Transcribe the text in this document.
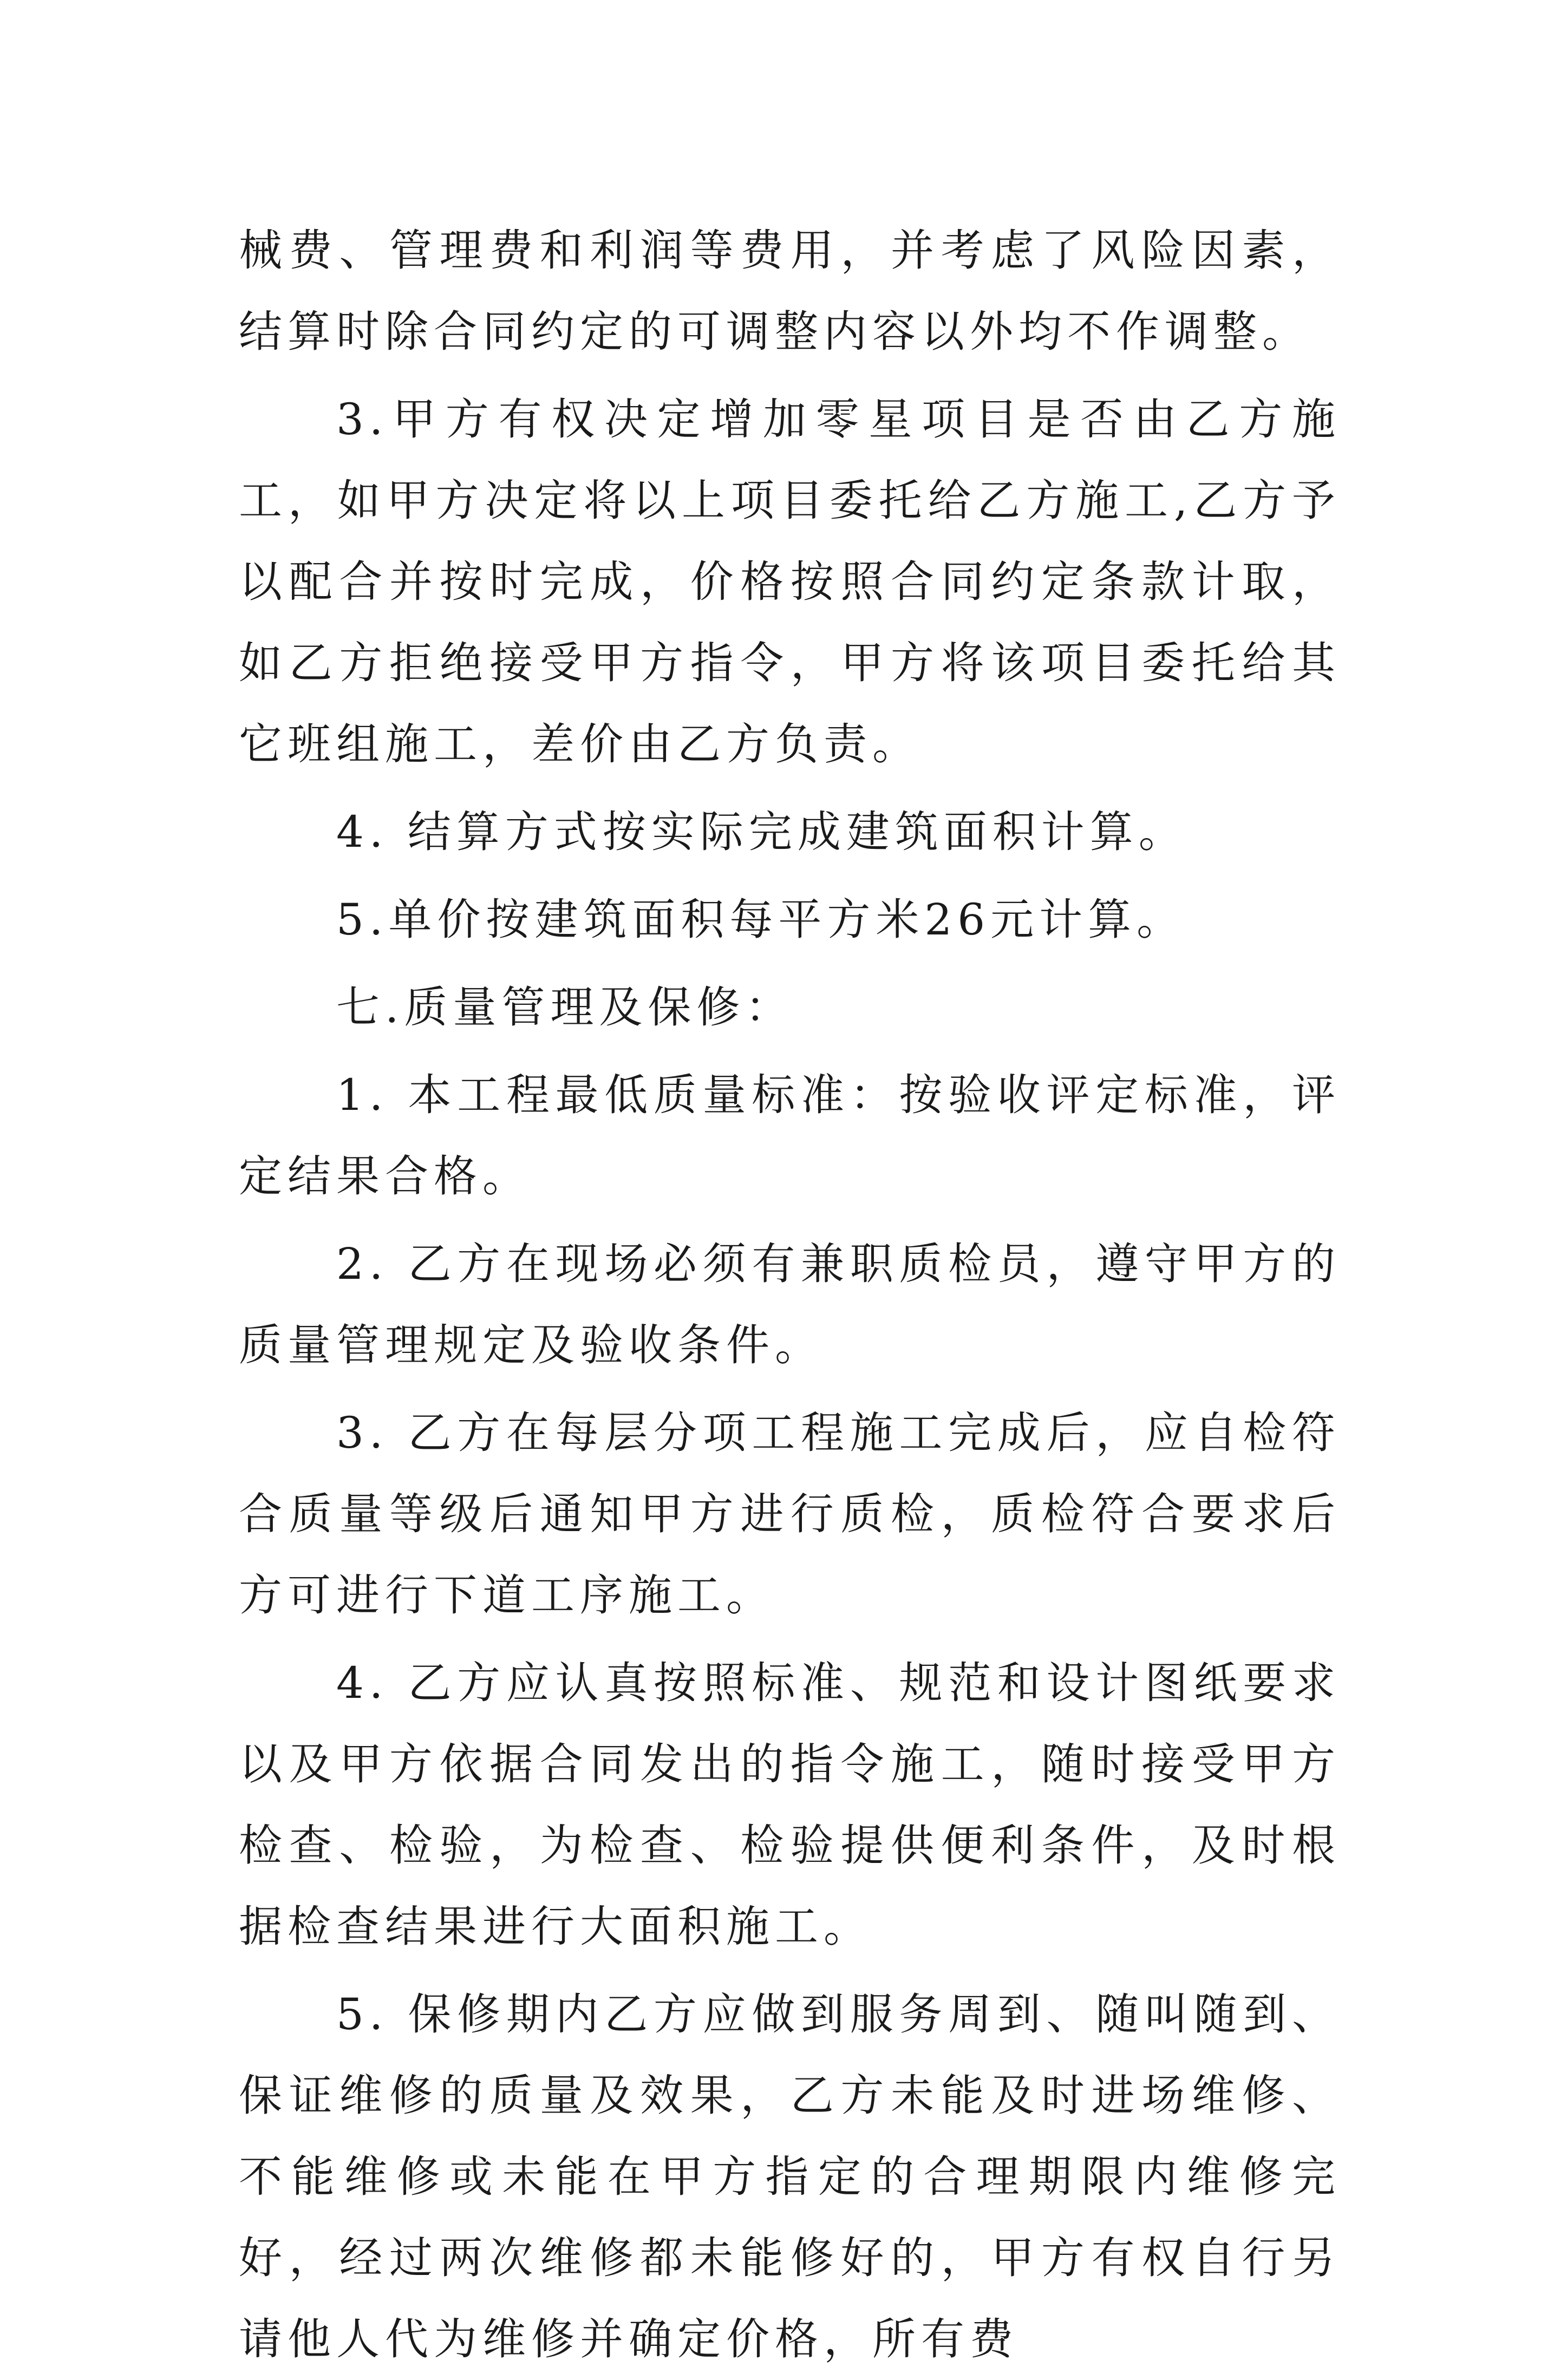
械费、管理费和利润等费用，并考虑了风险因素，结算时除合同约定的可调整内容以外均不作调整。

3.甲方有权决定增加零星项目是否由乙方施工，如甲方决定将以上项目委托给乙方施工,乙方予以配合并按时完成，价格按照合同约定条款计取，如乙方拒绝接受甲方指令，甲方将该项目委托给其它班组施工，差价由乙方负责。

4. 结算方式按实际完成建筑面积计算。

5.单价按建筑面积每平方米26元计算。

七.质量管理及保修：

1. 本工程最低质量标准：按验收评定标准，评定结果合格。

2. 乙方在现场必须有兼职质检员，遵守甲方的质量管理规定及验收条件。

3. 乙方在每层分项工程施工完成后，应自检符合质量等级后通知甲方进行质检，质检符合要求后方可进行下道工序施工。

4. 乙方应认真按照标准、规范和设计图纸要求以及甲方依据合同发出的指令施工，随时接受甲方检查、检验，为检查、检验提供便利条件，及时根据检查结果进行大面积施工。

5. 保修期内乙方应做到服务周到、随叫随到、保证维修的质量及效果，乙方未能及时进场维修、不能维修或未能在甲方指定的合理期限内维修完好，经过两次维修都未能修好的，甲方有权自行另请他人代为维修并确定价格，所有费
